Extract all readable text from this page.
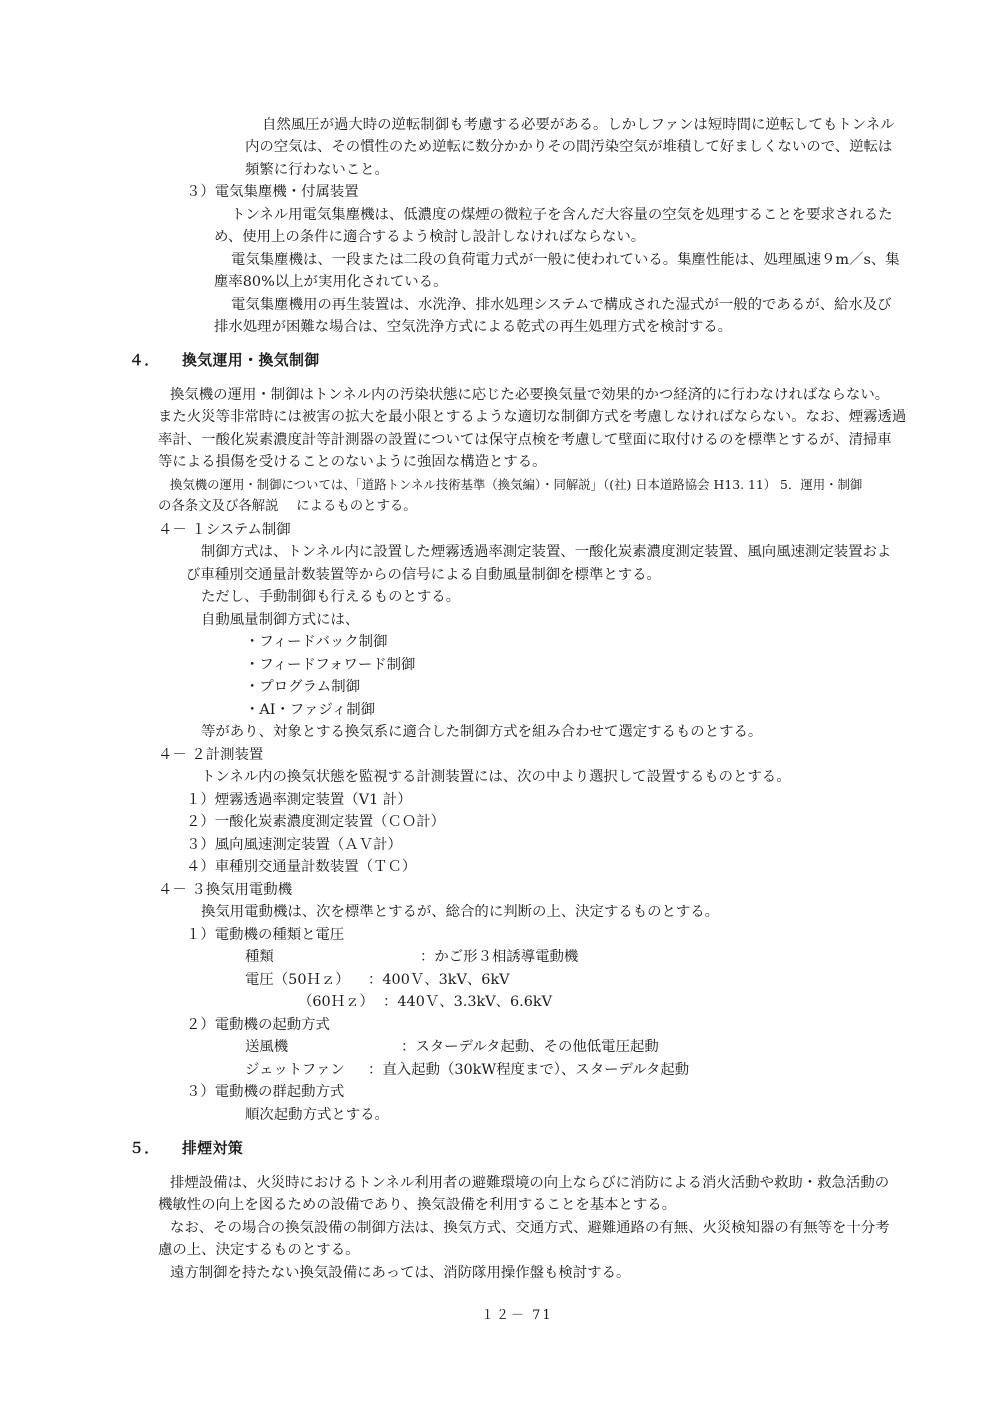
自然風圧が過大時の逆転制御も考慮する必要がある。しかしファンは短時間に逆転してもトンネル
内の空気は、その慣性のため逆転に数分かかりその間汚染空気が堆積して好ましくないので、逆転は
頻繁に行わないこと。
３）電気集塵機・付属装置
トンネル用電気集塵機は、低濃度の煤煙の微粒子を含んだ大容量の空気を処理することを要求されるた
め、使用上の条件に適合するよう検討し設計しなければならない。
電気集塵機は、一段または二段の負荷電力式が一般に使われている。集塵性能は、処理風速９m／s、集
塵率80%以上が実用化されている。
電気集塵機用の再生装置は、水洗浄、排水処理システムで構成された湿式が一般的であるが、給水及び
排水処理が困難な場合は、空気洗浄方式による乾式の再生処理方式を検討する。
４． 換気運用・換気制御
換気機の運用・制御はトンネル内の汚染状態に応じた必要換気量で効果的かつ経済的に行わなければならない。
また火災等非常時には被害の拡大を最小限とするような適切な制御方式を考慮しなければならない。なお、煙霧透過
率計、一酸化炭素濃度計等計測器の設置については保守点検を考慮して壁面に取付けるのを標準とするが、清掃車
等による損傷を受けることのないように強固な構造とする。
換気機の運用・制御については、「道路トンネル技術基準（換気編）・同解説」（(社) 日本道路協会 H13. 11） 5．運用・制御
の各条文及び各解説　 によるものとする。
４－ １システム制御
制御方式は、トンネル内に設置した煙霧透過率測定装置、一酸化炭素濃度測定装置、風向風速測定装置およ
び車種別交通量計数装置等からの信号による自動風量制御を標準とする。
ただし、手動制御も行えるものとする。
自動風量制御方式には、
・フィードバック制御
・フィードフォワード制御
・プログラム制御
・AI・ファジィ制御
等があり、対象とする換気系に適合した制御方式を組み合わせて選定するものとする。
４－ ２計測装置
トンネル内の換気状態を監視する計測装置には、次の中より選択して設置するものとする。
１）煙霧透過率測定装置（V1 計）
２）一酸化炭素濃度測定装置（ＣＯ計）
３）風向風速測定装置（ＡＶ計）
４）車種別交通量計数装置（ＴＣ）
４－ ３換気用電動機
換気用電動機は、次を標準とするが、総合的に判断の上、決定するものとする。
１）電動機の種類と電圧
種類	：かご形３相誘導電動機
電圧（50Ｈｚ） ：400Ｖ、3kV、6kV
（60Ｈｚ） ：440Ｖ、3.3kV、6.6kV
２）電動機の起動方式
送風機	：スターデルタ起動、その他低電圧起動
ジェットファン ：直入起動（30kW程度まで）、スターデルタ起動
３）電動機の群起動方式
順次起動方式とする。
５． 排煙対策
排煙設備は、火災時におけるトンネル利用者の避難環境の向上ならびに消防による消火活動や救助・救急活動の
機敏性の向上を図るための設備であり、換気設備を利用することを基本とする。
なお、その場合の換気設備の制御方法は、換気方式、交通方式、避難通路の有無、火災検知器の有無等を十分考
慮の上、決定するものとする。
遠方制御を持たない換気設備にあっては、消防隊用操作盤も検討する。
１２－ 71
